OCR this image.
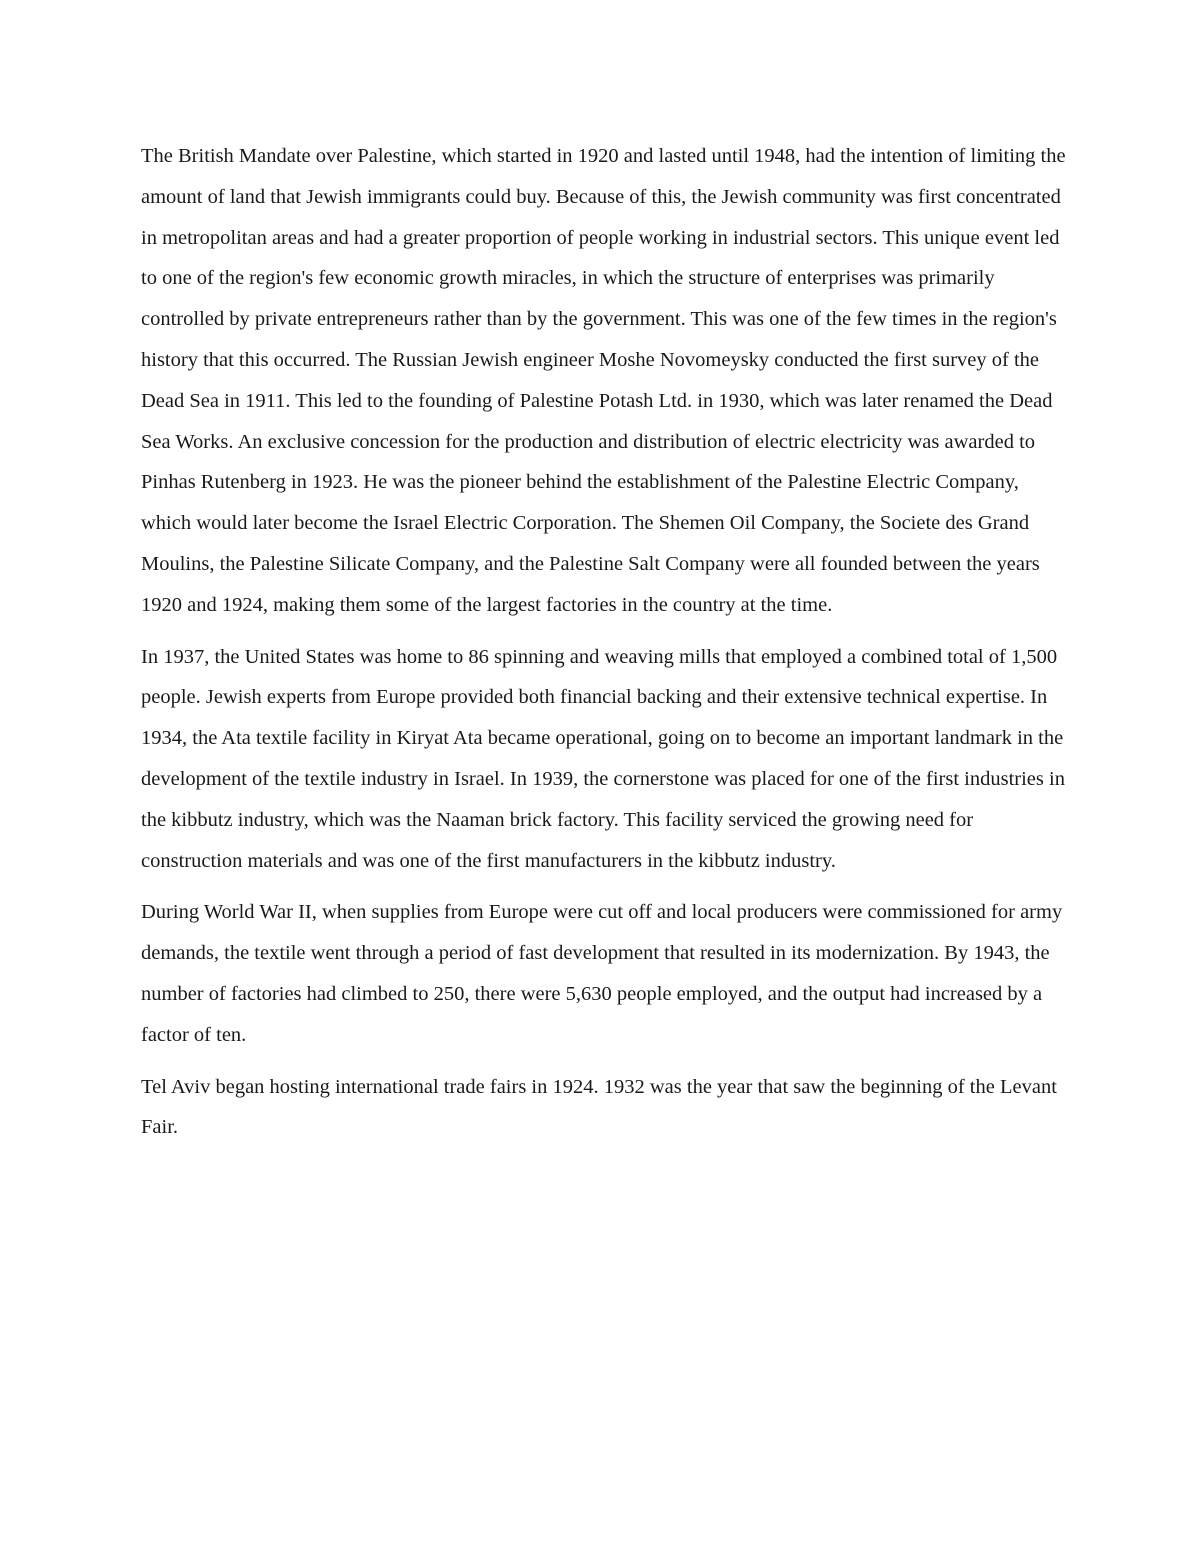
The British Mandate over Palestine, which started in 1920 and lasted until 1948, had the intention of limiting the amount of land that Jewish immigrants could buy. Because of this, the Jewish community was first concentrated in metropolitan areas and had a greater proportion of people working in industrial sectors. This unique event led to one of the region's few economic growth miracles, in which the structure of enterprises was primarily controlled by private entrepreneurs rather than by the government. This was one of the few times in the region's history that this occurred. The Russian Jewish engineer Moshe Novomeysky conducted the first survey of the Dead Sea in 1911. This led to the founding of Palestine Potash Ltd. in 1930, which was later renamed the Dead Sea Works. An exclusive concession for the production and distribution of electric electricity was awarded to Pinhas Rutenberg in 1923. He was the pioneer behind the establishment of the Palestine Electric Company, which would later become the Israel Electric Corporation. The Shemen Oil Company, the Societe des Grand Moulins, the Palestine Silicate Company, and the Palestine Salt Company were all founded between the years 1920 and 1924, making them some of the largest factories in the country at the time.

In 1937, the United States was home to 86 spinning and weaving mills that employed a combined total of 1,500 people. Jewish experts from Europe provided both financial backing and their extensive technical expertise. In 1934, the Ata textile facility in Kiryat Ata became operational, going on to become an important landmark in the development of the textile industry in Israel. In 1939, the cornerstone was placed for one of the first industries in the kibbutz industry, which was the Naaman brick factory. This facility serviced the growing need for construction materials and was one of the first manufacturers in the kibbutz industry.

During World War II, when supplies from Europe were cut off and local producers were commissioned for army demands, the textile went through a period of fast development that resulted in its modernization. By 1943, the number of factories had climbed to 250, there were 5,630 people employed, and the output had increased by a factor of ten.

Tel Aviv began hosting international trade fairs in 1924. 1932 was the year that saw the beginning of the Levant Fair.
